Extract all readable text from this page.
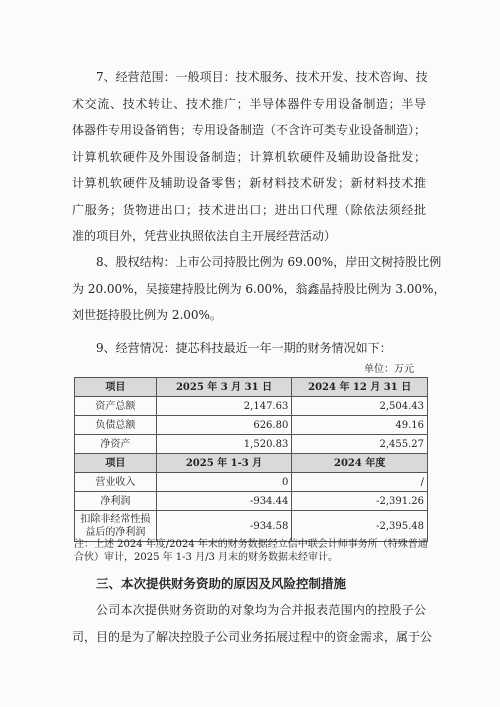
7、经营范围：一般项目：技术服务、技术开发、技术咨询、技
术交流、技术转让、技术推广；半导体器件专用设备制造；半导
体器件专用设备销售；专用设备制造（不含许可类专业设备制造）；
计算机软硬件及外围设备制造；计算机软硬件及辅助设备批发；
计算机软硬件及辅助设备零售；新材料技术研发；新材料技术推
广服务；货物进出口；技术进出口；进出口代理（除依法须经批
准的项目外，凭营业执照依法自主开展经营活动）
8、股权结构：上市公司持股比例为 69.00%，岸田文树持股比例
为 20.00%，吴接建持股比例为 6.00%，翁鑫晶持股比例为 3.00%，
刘世挺持股比例为 2.00%。
9、经营情况：捷芯科技最近一年一期的财务情况如下：
单位：万元
项目	2025 年 3 月 31 日	2024 年 12 月 31 日
资产总额	2,147.63	2,504.43
负债总额	626.80	49.16
净资产	1,520.83	2,455.27
项目	2025 年 1-3 月	2024 年度
营业收入	0	/
净利润	-934.44	-2,391.26
扣除非经常性损
益后的净利润	-934.58	-2,395.48

注：上述 2024 年度/2024 年末的财务数据经立信中联会计师事务所（特殊普通合伙）审计，2025 年 1-3 月/3 月末的财务数据未经审计。

三、本次提供财务资助的原因及风险控制措施
公司本次提供财务资助的对象均为合并报表范围内的控股子公
司，目的是为了解决控股子公司业务拓展过程中的资金需求，属于公
